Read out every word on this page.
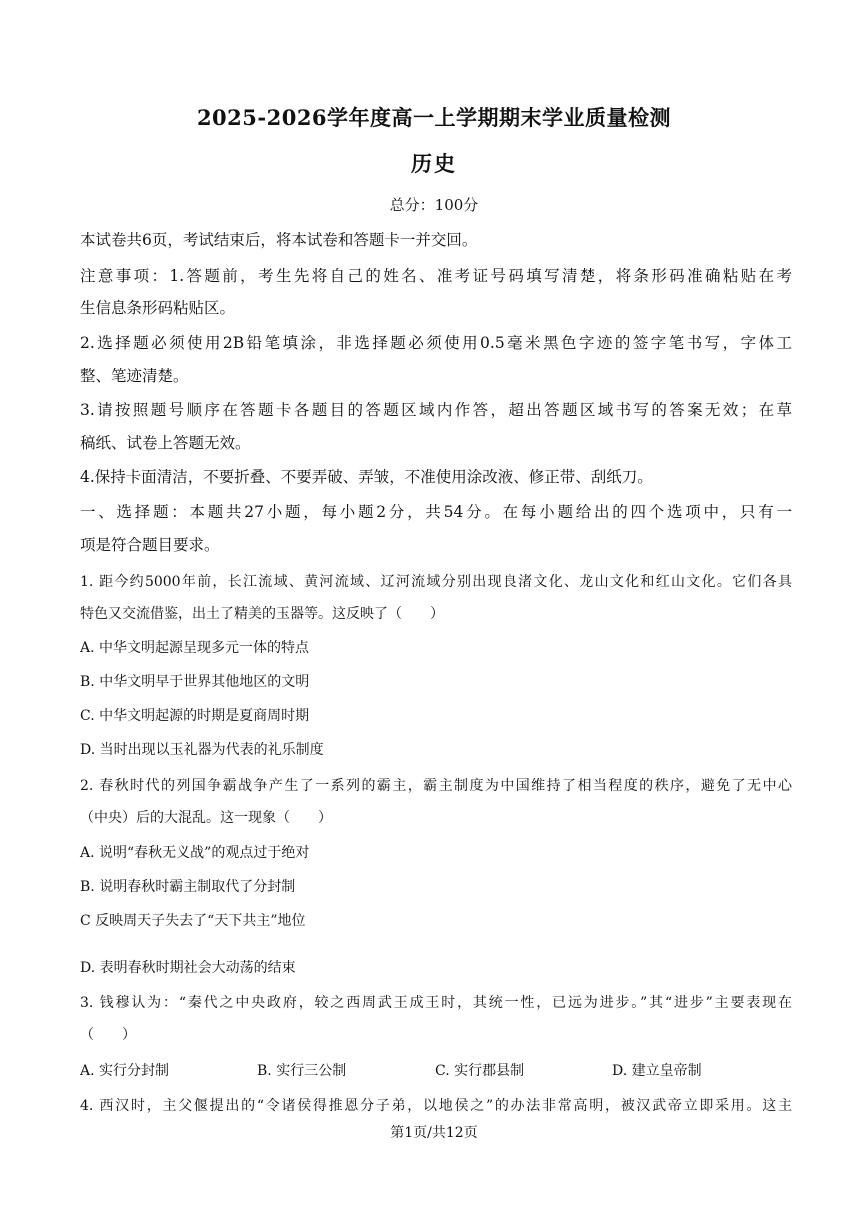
2025-2026学年度高一上学期期末学业质量检测
历史
总分：100分
本试卷共6页，考试结束后，将本试卷和答题卡一并交回。
注意事项：1.答题前，考生先将自己的姓名、准考证号码填写清楚，将条形码准确粘贴在考
生信息条形码粘贴区。
2.选择题必须使用2B铅笔填涂，非选择题必须使用0.5毫米黑色字迹的签字笔书写，字体工
整、笔迹清楚。
3.请按照题号顺序在答题卡各题目的答题区域内作答，超出答题区域书写的答案无效；在草
稿纸、试卷上答题无效。
4.保持卡面清洁，不要折叠、不要弄破、弄皱，不准使用涂改液、修正带、刮纸刀。
一、选择题：本题共27小题，每小题2分，共54分。在每小题给出的四个选项中，只有一
项是符合题目要求。
1. 距今约5000年前，长江流域、黄河流域、辽河流域分别出现良渚文化、龙山文化和红山文化。它们各具
特色又交流借鉴，出土了精美的玉器等。这反映了（　　）
A. 中华文明起源呈现多元一体的特点
B. 中华文明早于世界其他地区的文明
C. 中华文明起源的时期是夏商周时期
D. 当时出现以玉礼器为代表的礼乐制度
2. 春秋时代的列国争霸战争产生了一系列的霸主，霸主制度为中国维持了相当程度的秩序，避免了无中心
（中央）后的大混乱。这一现象（　　）
A. 说明“春秋无义战”的观点过于绝对
B. 说明春秋时霸主制取代了分封制
C 反映周天子失去了“天下共主”地位
D. 表明春秋时期社会大动荡的结束
3. 钱穆认为：“秦代之中央政府，较之西周武王成王时，其统一性，已远为进步。”其“进步”主要表现在
（　　）
A. 实行分封制	B. 实行三公制	C. 实行郡县制	D. 建立皇帝制
4. 西汉时，主父偃提出的“令诸侯得推恩分子弟，以地侯之”的办法非常高明，被汉武帝立即采用。这主
第1页/共12页
